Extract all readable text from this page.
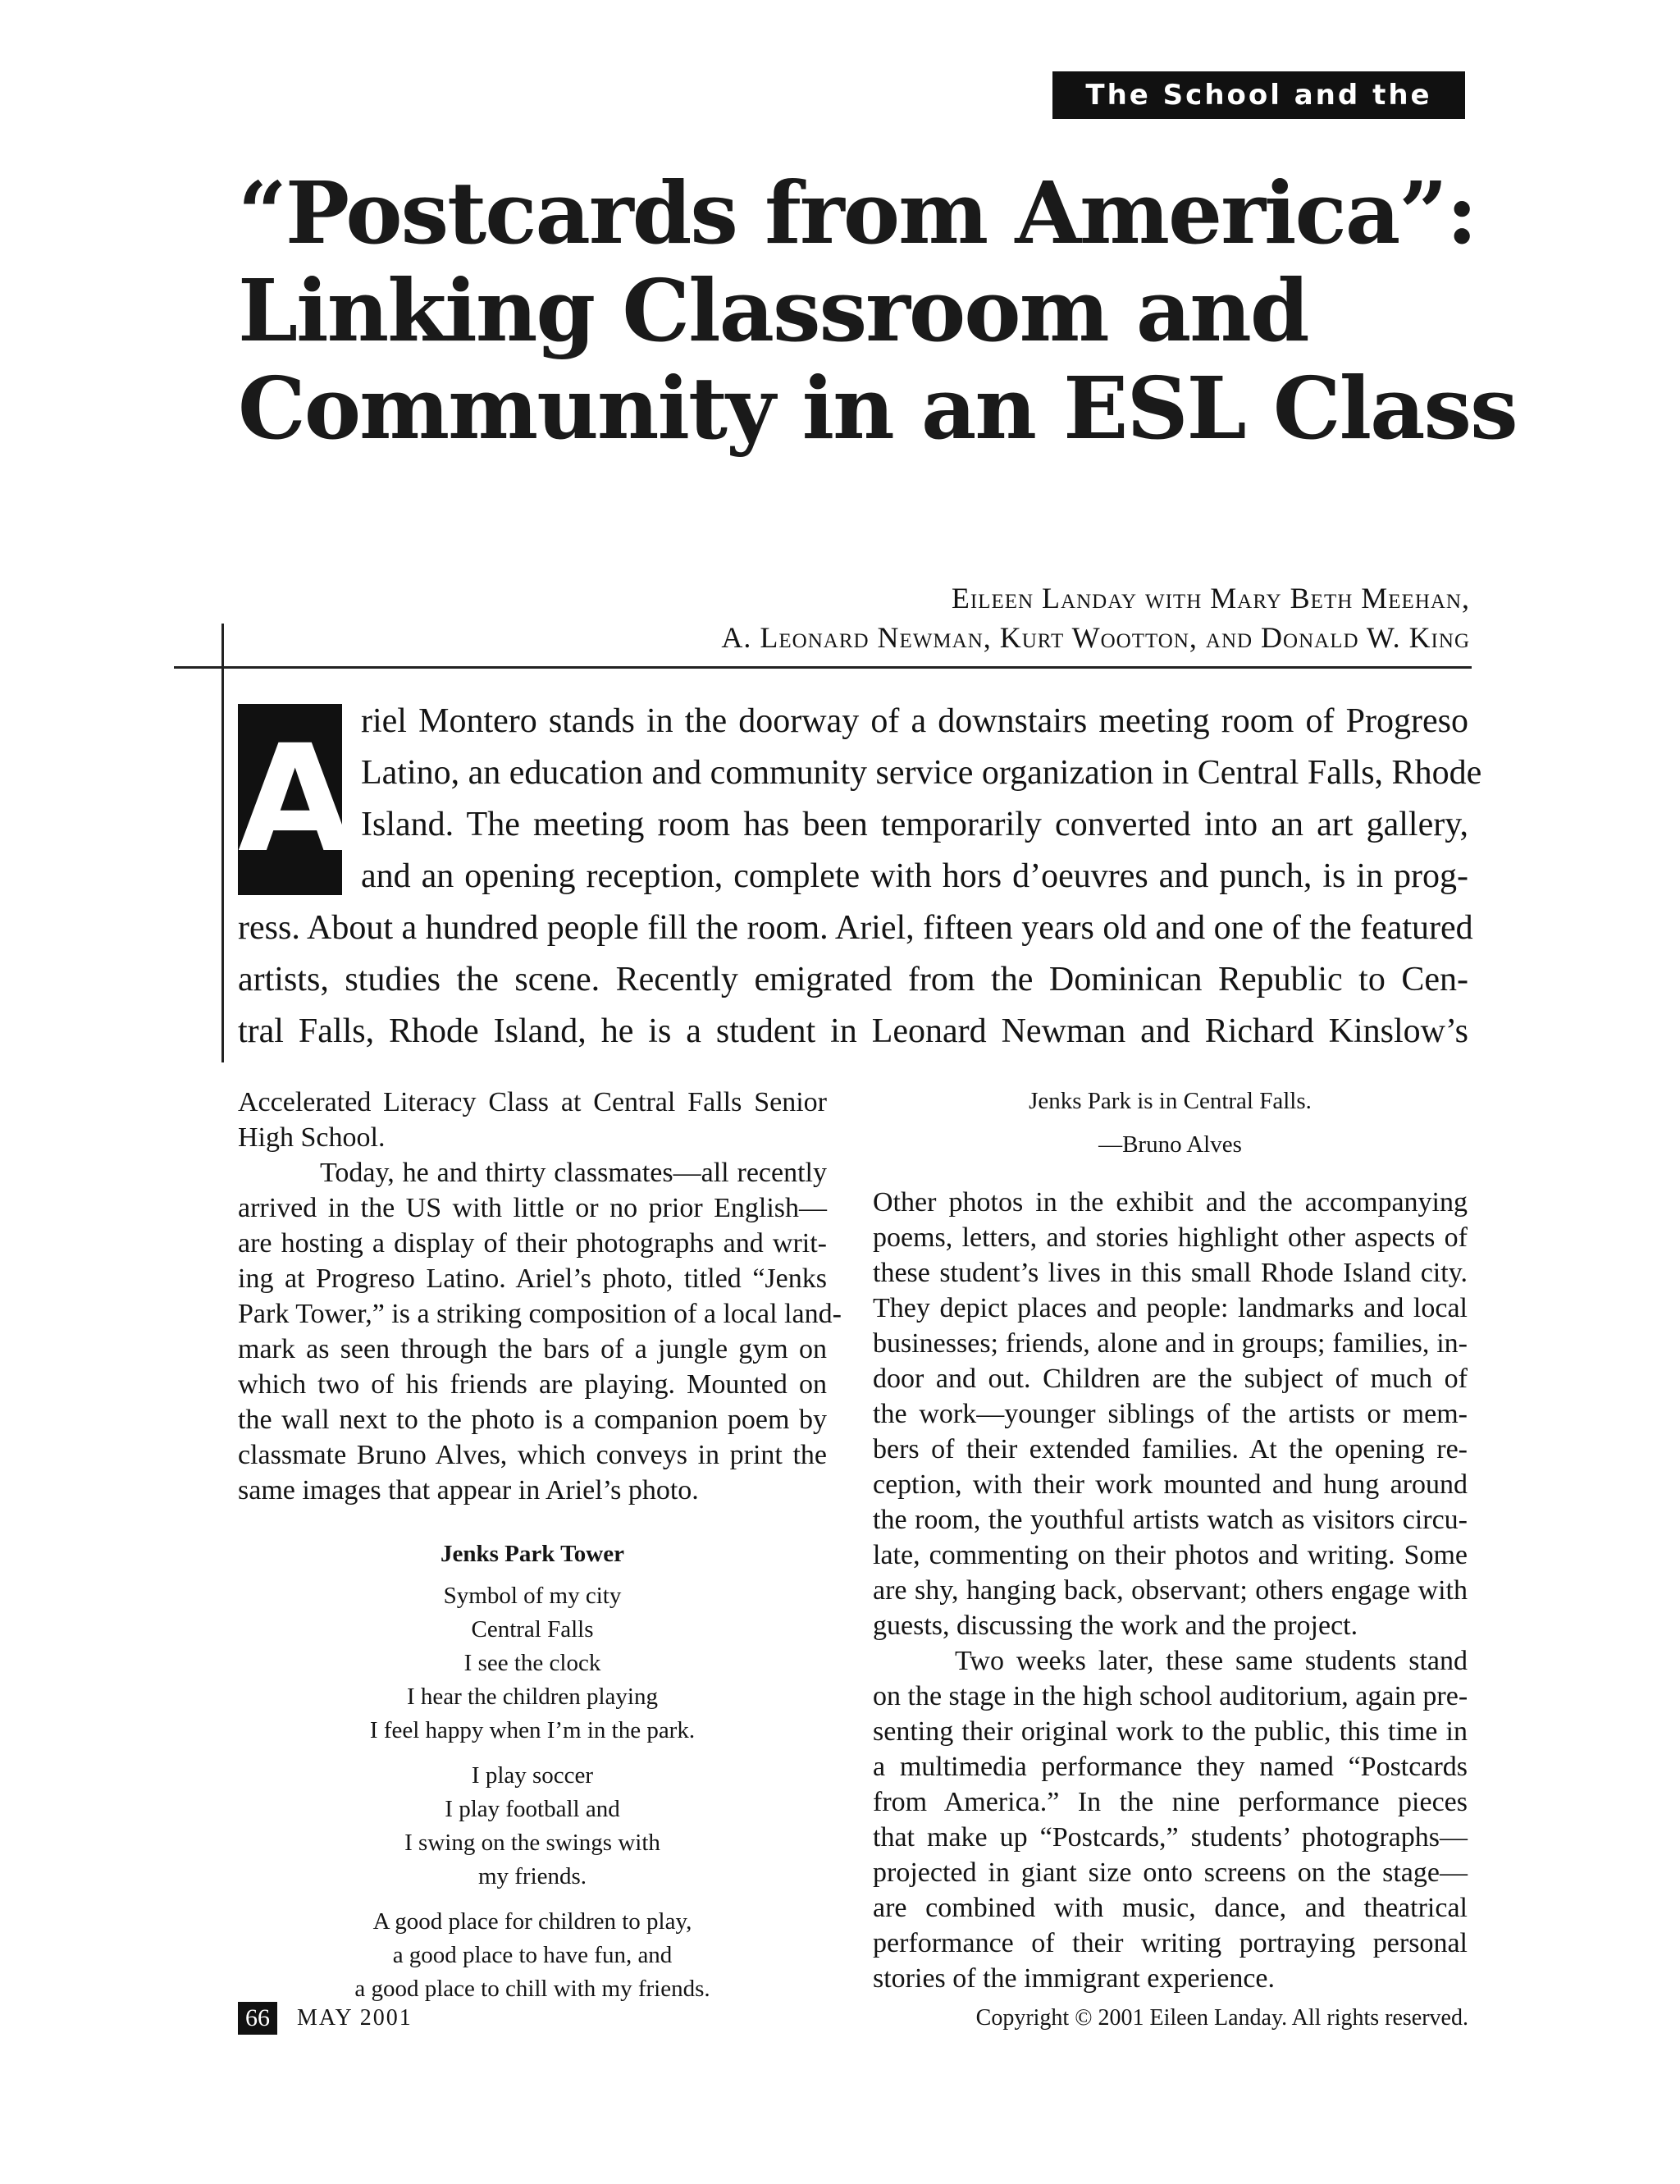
The School and the Community
“Postcards from America”:
Linking Classroom and
Community in an ESL Class
Eileen Landay with Mary Beth Meehan,
A. Leonard Newman, Kurt Wootton, and Donald W. King
A riel Montero stands in the doorway of a downstairs meeting room of Progreso
Latino, an education and community service organization in Central Falls, Rhode
Island. The meeting room has been temporarily converted into an art gallery,
and an opening reception, complete with hors d’oeuvres and punch, is in prog-
ress. About a hundred people fill the room. Ariel, fifteen years old and one of the featured
artists, studies the scene. Recently emigrated from the Dominican Republic to Cen-
tral Falls, Rhode Island, he is a student in Leonard Newman and Richard Kinslow’s
Accelerated Literacy Class at Central Falls Senior
High School.
Today, he and thirty classmates—all recently
arrived in the US with little or no prior English—
are hosting a display of their photographs and writ-
ing at Progreso Latino. Ariel’s photo, titled “Jenks
Park Tower,” is a striking composition of a local land-
mark as seen through the bars of a jungle gym on
which two of his friends are playing. Mounted on
the wall next to the photo is a companion poem by
classmate Bruno Alves, which conveys in print the
same images that appear in Ariel’s photo.
Jenks Park Tower
Symbol of my city
Central Falls
I see the clock
I hear the children playing
I feel happy when I’m in the park.
I play soccer
I play football and
I swing on the swings with
my friends.
A good place for children to play,
a good place to have fun, and
a good place to chill with my friends.
Jenks Park is in Central Falls.
—Bruno Alves
Other photos in the exhibit and the accompanying
poems, letters, and stories highlight other aspects of
these student’s lives in this small Rhode Island city.
They depict places and people: landmarks and local
businesses; friends, alone and in groups; families, in-
door and out. Children are the subject of much of
the work—younger siblings of the artists or mem-
bers of their extended families. At the opening re-
ception, with their work mounted and hung around
the room, the youthful artists watch as visitors circu-
late, commenting on their photos and writing. Some
are shy, hanging back, observant; others engage with
guests, discussing the work and the project.
Two weeks later, these same students stand
on the stage in the high school auditorium, again pre-
senting their original work to the public, this time in
a multimedia performance they named “Postcards
from America.” In the nine performance pieces
that make up “Postcards,” students’ photographs—
projected in giant size onto screens on the stage—
are combined with music, dance, and theatrical
performance of their writing portraying personal
stories of the immigrant experience.
66	MAY 2001	Copyright © 2001 Eileen Landay. All rights reserved.
